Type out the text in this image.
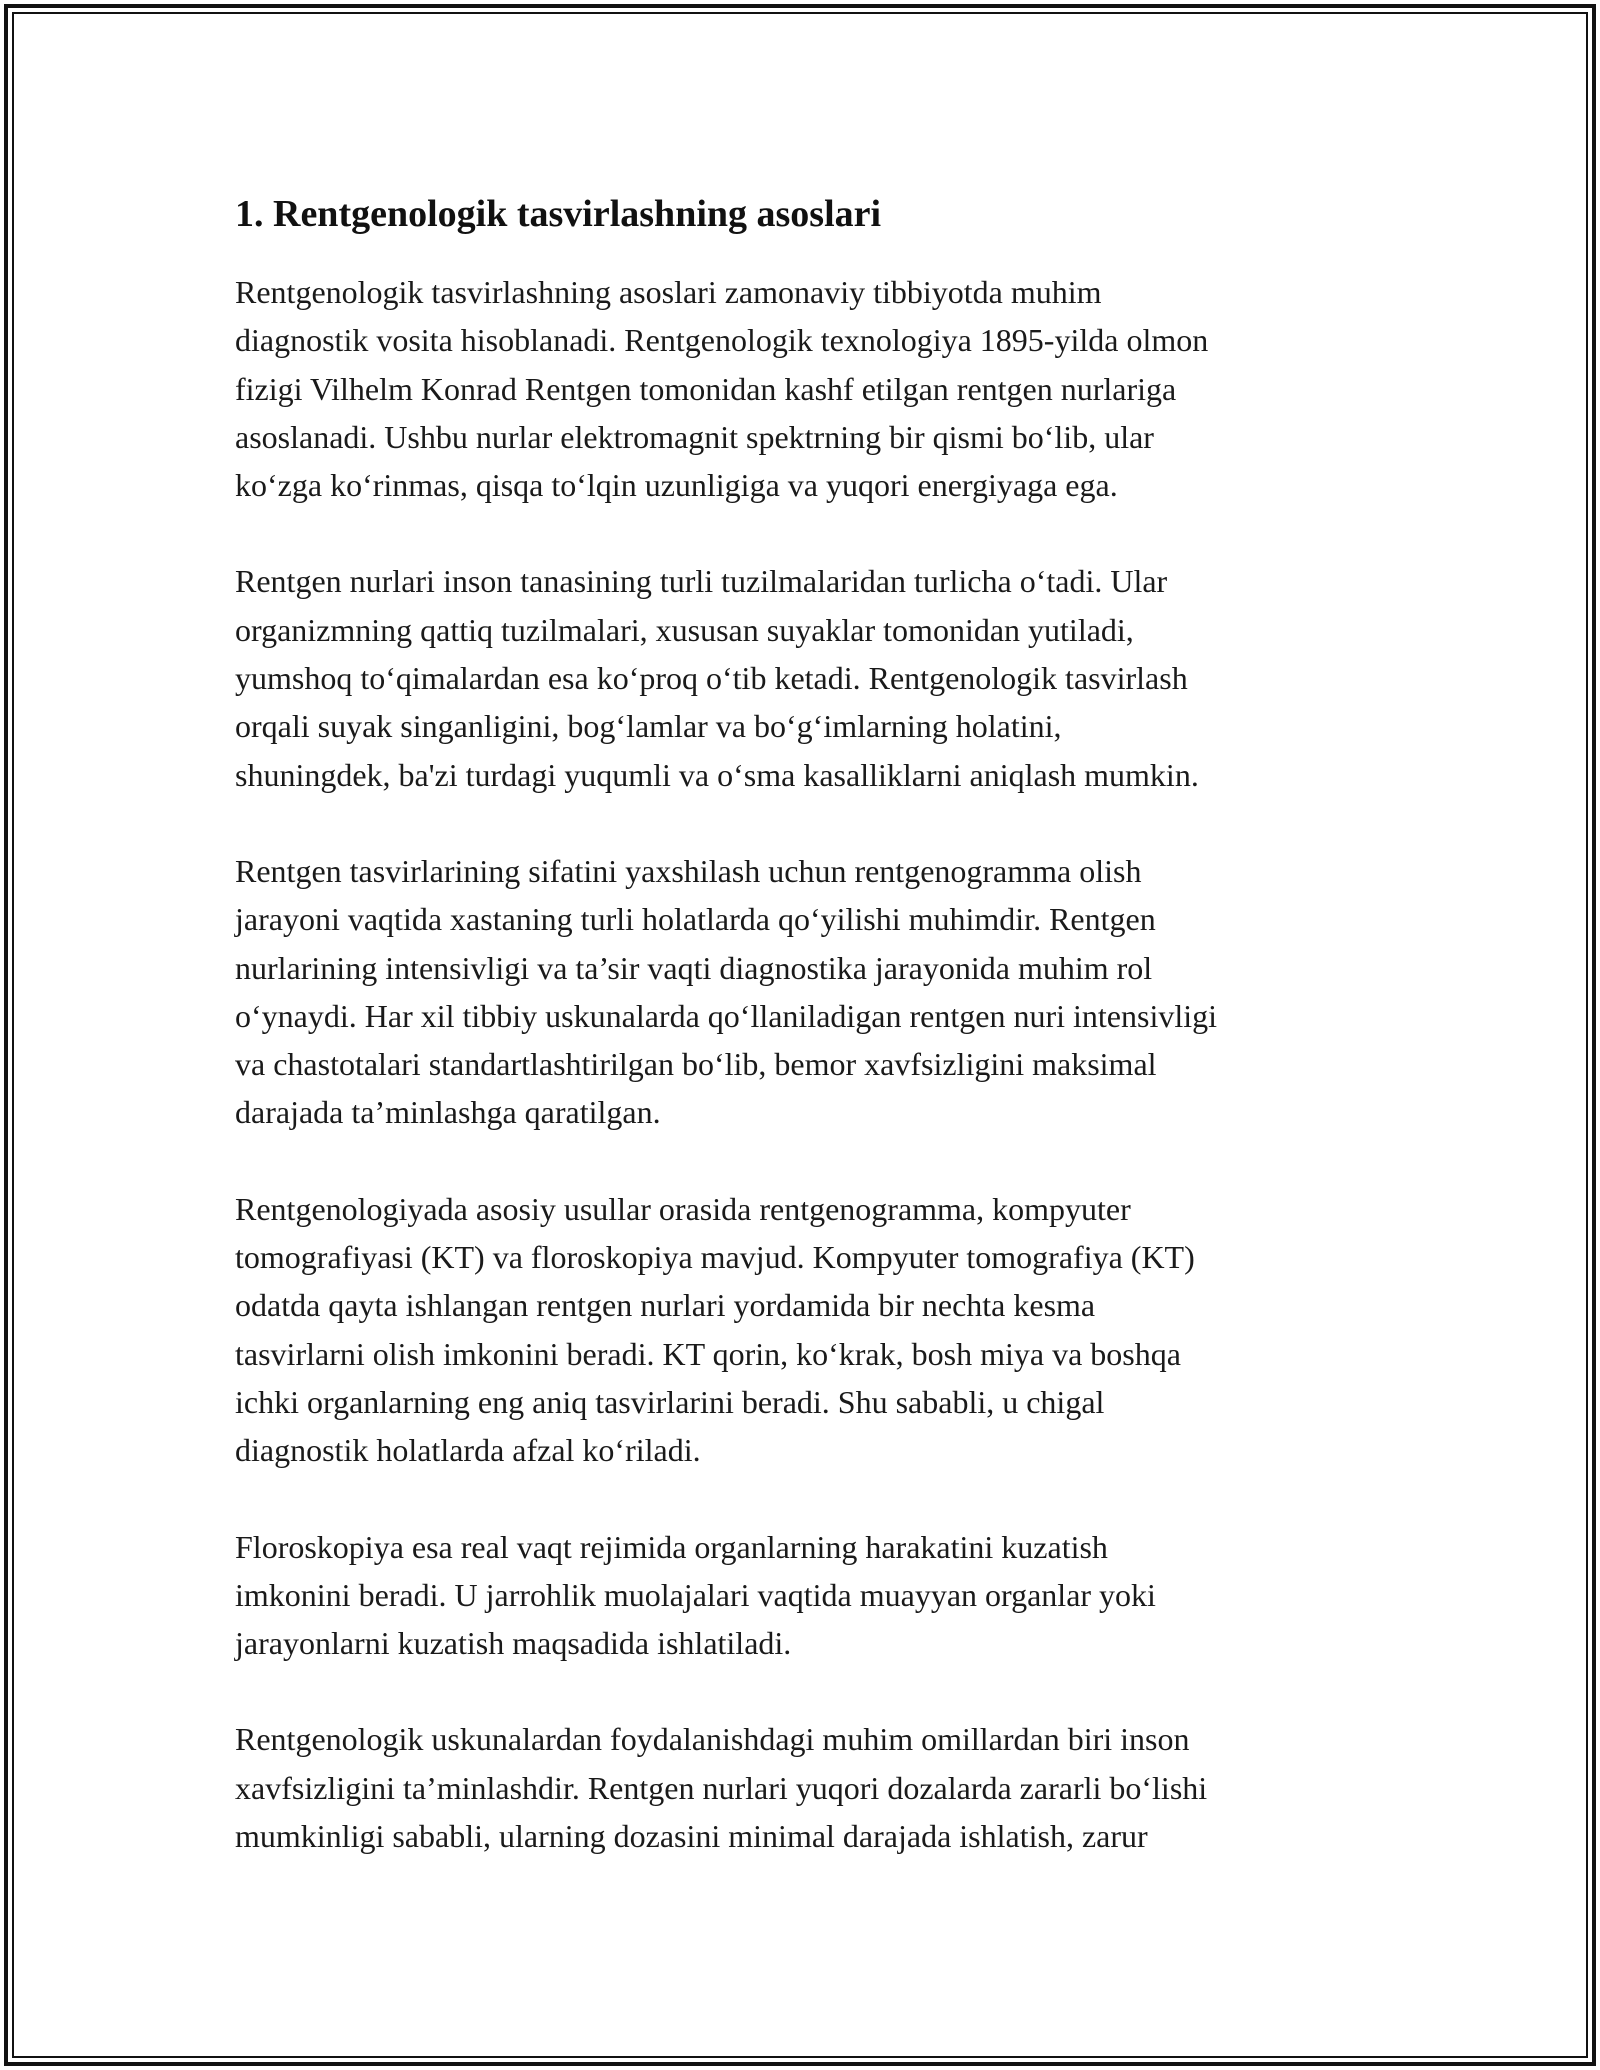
1. Rentgenologik tasvirlashning asoslari

Rentgenologik tasvirlashning asoslari zamonaviy tibbiyotda muhim
diagnostik vosita hisoblanadi. Rentgenologik texnologiya 1895-yilda olmon
fizigi Vilhelm Konrad Rentgen tomonidan kashf etilgan rentgen nurlariga
asoslanadi. Ushbu nurlar elektromagnit spektrning bir qismi bo‘lib, ular
ko‘zga ko‘rinmas, qisqa to‘lqin uzunligiga va yuqori energiyaga ega.

Rentgen nurlari inson tanasining turli tuzilmalaridan turlicha o‘tadi. Ular
organizmning qattiq tuzilmalari, xususan suyaklar tomonidan yutiladi,
yumshoq to‘qimalardan esa ko‘proq o‘tib ketadi. Rentgenologik tasvirlash
orqali suyak singanligini, bog‘lamlar va bo‘g‘imlarning holatini,
shuningdek, ba'zi turdagi yuqumli va o‘sma kasalliklarni aniqlash mumkin.

Rentgen tasvirlarining sifatini yaxshilash uchun rentgenogramma olish
jarayoni vaqtida xastaning turli holatlarda qo‘yilishi muhimdir. Rentgen
nurlarining intensivligi va ta’sir vaqti diagnostika jarayonida muhim rol
o‘ynaydi. Har xil tibbiy uskunalarda qo‘llaniladigan rentgen nuri intensivligi
va chastotalari standartlashtirilgan bo‘lib, bemor xavfsizligini maksimal
darajada ta’minlashga qaratilgan.

Rentgenologiyada asosiy usullar orasida rentgenogramma, kompyuter
tomografiyasi (KT) va floroskopiya mavjud. Kompyuter tomografiya (KT)
odatda qayta ishlangan rentgen nurlari yordamida bir nechta kesma
tasvirlarni olish imkonini beradi. KT qorin, ko‘krak, bosh miya va boshqa
ichki organlarning eng aniq tasvirlarini beradi. Shu sababli, u chigal
diagnostik holatlarda afzal ko‘riladi.

Floroskopiya esa real vaqt rejimida organlarning harakatini kuzatish
imkonini beradi. U jarrohlik muolajalari vaqtida muayyan organlar yoki
jarayonlarni kuzatish maqsadida ishlatiladi.

Rentgenologik uskunalardan foydalanishdagi muhim omillardan biri inson
xavfsizligini ta’minlashdir. Rentgen nurlari yuqori dozalarda zararli bo‘lishi
mumkinligi sababli, ularning dozasini minimal darajada ishlatish, zarur
